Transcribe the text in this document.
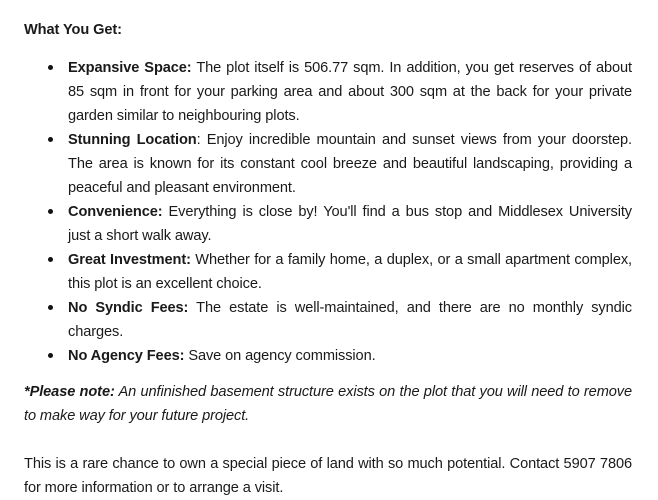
What You Get:
Expansive Space: The plot itself is 506.77 sqm. In addition, you get reserves of about 85 sqm in front for your parking area and about 300 sqm at the back for your private garden similar to neighbouring plots.
Stunning Location: Enjoy incredible mountain and sunset views from your doorstep. The area is known for its constant cool breeze and beautiful landscaping, providing a peaceful and pleasant environment.
Convenience: Everything is close by! You'll find a bus stop and Middlesex University just a short walk away.
Great Investment: Whether for a family home, a duplex, or a small apartment complex, this plot is an excellent choice.
No Syndic Fees: The estate is well-maintained, and there are no monthly syndic charges.
No Agency Fees: Save on agency commission.

*Please note: An unfinished basement structure exists on the plot that you will need to remove to make way for your future project.

This is a rare chance to own a special piece of land with so much potential. Contact 5907 7806 for more information or to arrange a visit.
